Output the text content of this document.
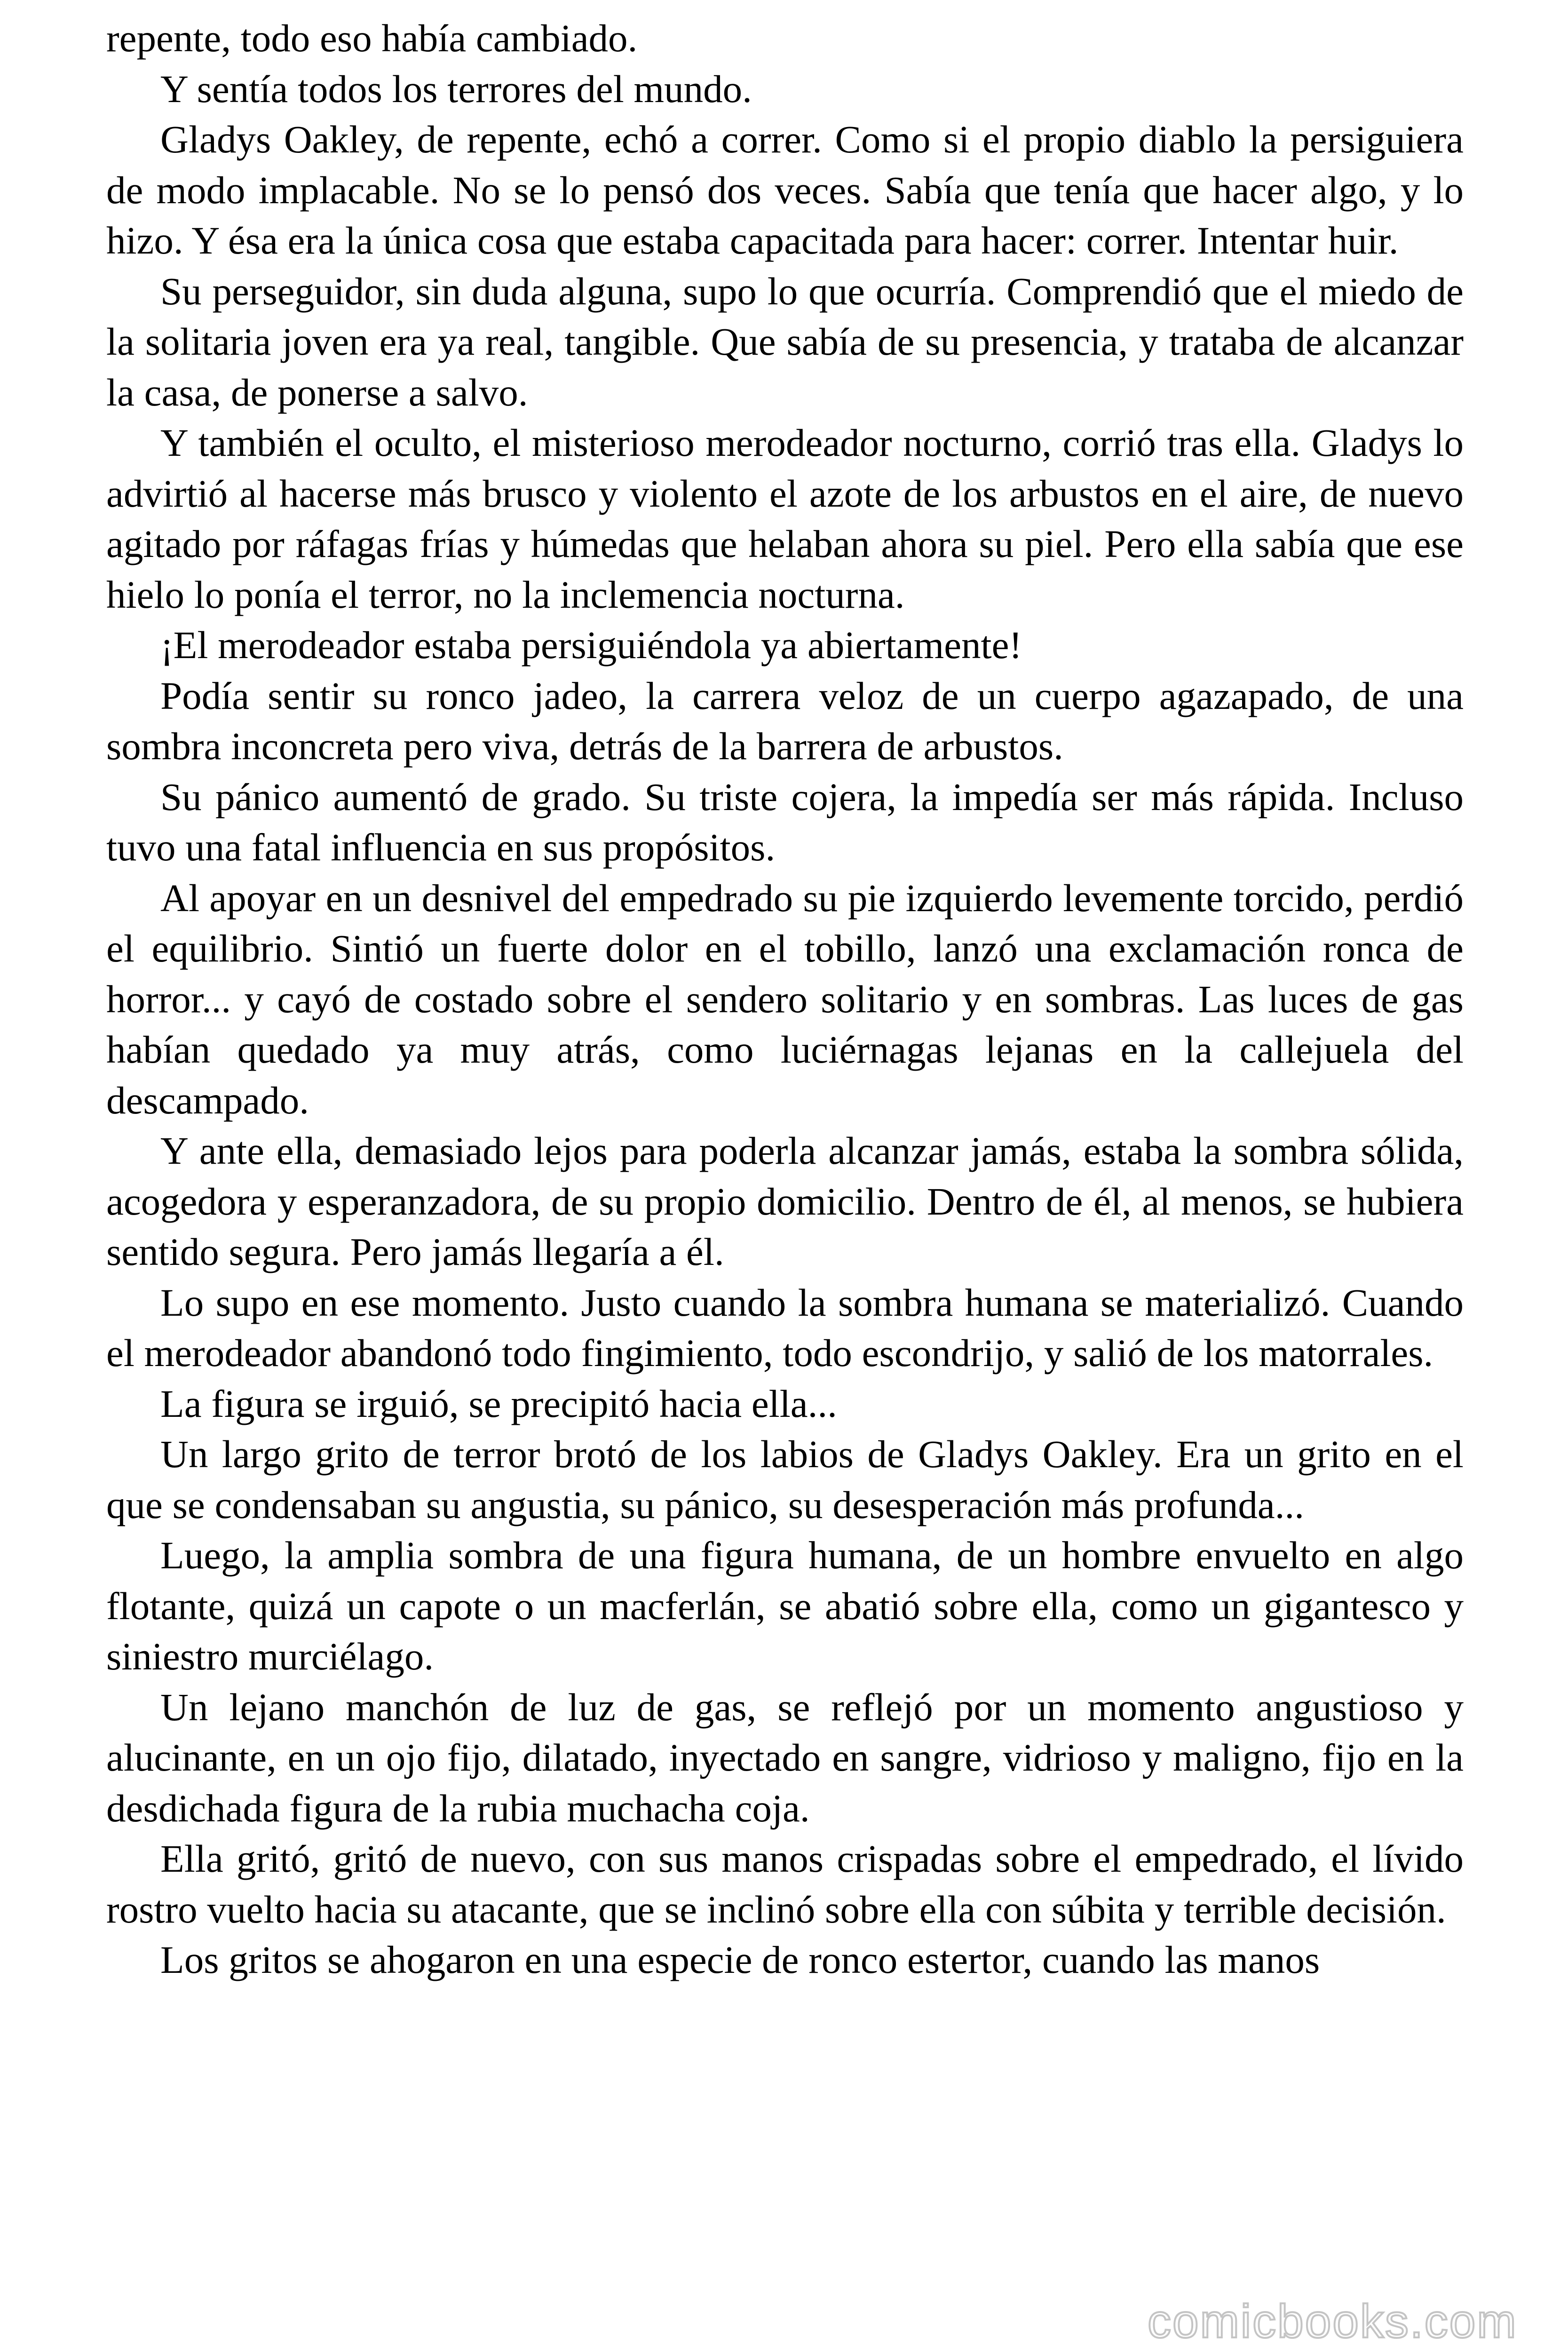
repente, todo eso había cambiado.

Y sentía todos los terrores del mundo.

Gladys Oakley, de repente, echó a correr. Como si el propio diablo la persiguiera de modo implacable. No se lo pensó dos veces. Sabía que tenía que hacer algo, y lo hizo. Y ésa era la única cosa que estaba capacitada para hacer: correr. Intentar huir.

Su perseguidor, sin duda alguna, supo lo que ocurría. Comprendió que el miedo de la solitaria joven era ya real, tangible. Que sabía de su presencia, y trataba de alcanzar la casa, de ponerse a salvo.

Y también el oculto, el misterioso merodeador nocturno, corrió tras ella. Gladys lo advirtió al hacerse más brusco y violento el azote de los arbustos en el aire, de nuevo agitado por ráfagas frías y húmedas que helaban ahora su piel. Pero ella sabía que ese hielo lo ponía el terror, no la inclemencia nocturna.

¡El merodeador estaba persiguiéndola ya abiertamente!

Podía sentir su ronco jadeo, la carrera veloz de un cuerpo agazapado, de una sombra inconcreta pero viva, detrás de la barrera de arbustos.

Su pánico aumentó de grado. Su triste cojera, la impedía ser más rápida. Incluso tuvo una fatal influencia en sus propósitos.

Al apoyar en un desnivel del empedrado su pie izquierdo levemente torcido, perdió el equilibrio. Sintió un fuerte dolor en el tobillo, lanzó una exclamación ronca de horror... y cayó de costado sobre el sendero solitario y en sombras. Las luces de gas habían quedado ya muy atrás, como luciérnagas lejanas en la callejuela del descampado.

Y ante ella, demasiado lejos para poderla alcanzar jamás, estaba la sombra sólida, acogedora y esperanzadora, de su propio domicilio. Dentro de él, al menos, se hubiera sentido segura. Pero jamás llegaría a él.

Lo supo en ese momento. Justo cuando la sombra humana se materializó. Cuando el merodeador abandonó todo fingimiento, todo escondrijo, y salió de los matorrales.

La figura se irguió, se precipitó hacia ella...

Un largo grito de terror brotó de los labios de Gladys Oakley. Era un grito en el que se condensaban su angustia, su pánico, su desesperación más profunda...

Luego, la amplia sombra de una figura humana, de un hombre envuelto en algo flotante, quizá un capote o un macferlán, se abatió sobre ella, como un gigantesco y siniestro murciélago.

Un lejano manchón de luz de gas, se reflejó por un momento angustioso y alucinante, en un ojo fijo, dilatado, inyectado en sangre, vidrioso y maligno, fijo en la desdichada figura de la rubia muchacha coja.

Ella gritó, gritó de nuevo, con sus manos crispadas sobre el empedrado, el lívido rostro vuelto hacia su atacante, que se inclinó sobre ella con súbita y terrible decisión.

Los gritos se ahogaron en una especie de ronco estertor, cuando las manos

comicbooks.com
